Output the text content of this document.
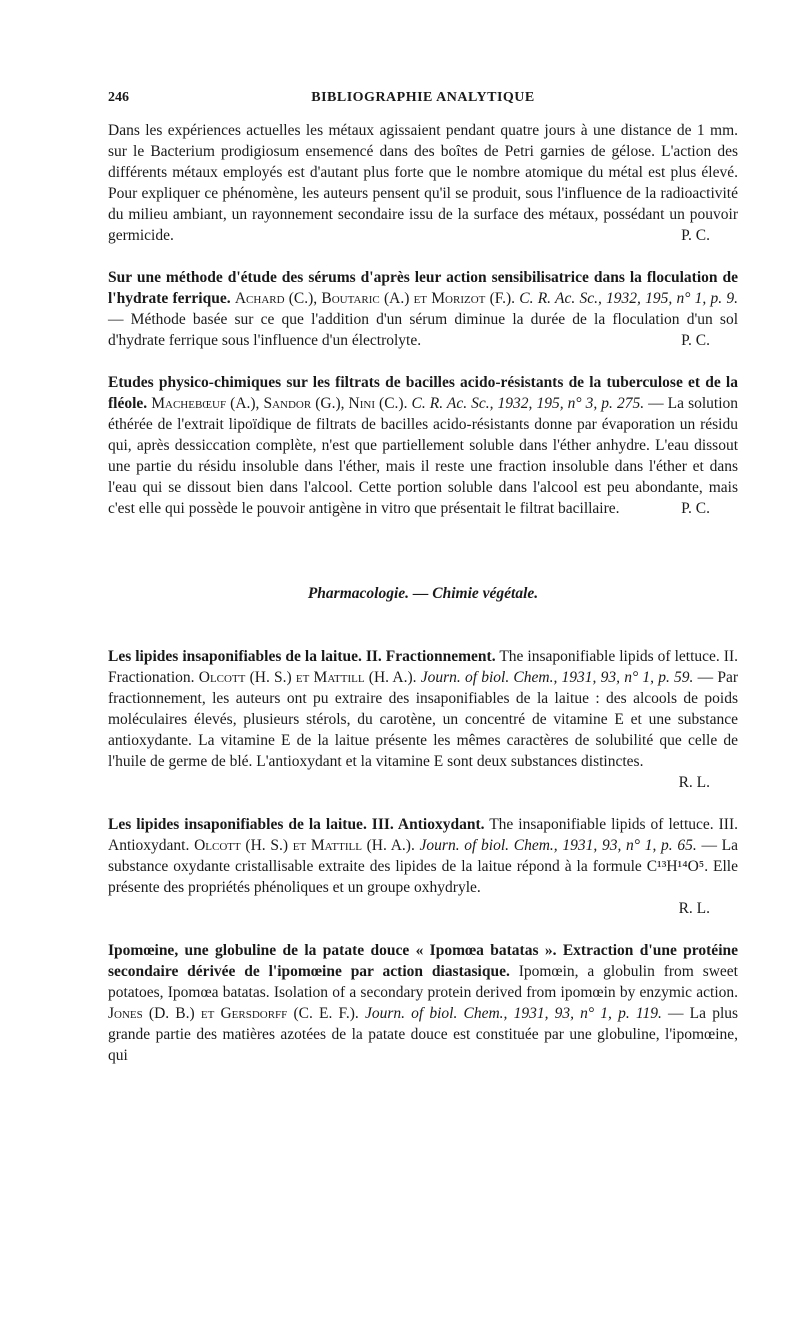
246	BIBLIOGRAPHIE ANALYTIQUE

Dans les expériences actuelles les métaux agissaient pendant quatre jours à une distance de 1 mm. sur le Bacterium prodigiosum ensemencé dans des boîtes de Petri garnies de gélose. L'action des différents métaux employés est d'autant plus forte que le nombre atomique du métal est plus élevé. Pour expliquer ce phénomène, les auteurs pensent qu'il se produit, sous l'influence de la radioactivité du milieu ambiant, un rayonnement secondaire issu de la surface des métaux, possédant un pouvoir germicide.	P. C.

Sur une méthode d'étude des sérums d'après leur action sensibilisatrice dans la floculation de l'hydrate ferrique. Achard (C.), Boutaric (A.) et Morizot (F.). C. R. Ac. Sc., 1932, 195, n° 1, p. 9. — Méthode basée sur ce que l'addition d'un sérum diminue la durée de la floculation d'un sol d'hydrate ferrique sous l'influence d'un électrolyte.	P. C.

Etudes physico-chimiques sur les filtrats de bacilles acido-résistants de la tuberculose et de la fléole. Machebœuf (A.), Sandor (G.), Nini (C.). C. R. Ac. Sc., 1932, 195, n° 3, p. 275. — La solution éthérée de l'extrait lipoïdique de filtrats de bacilles acido-résistants donne par évaporation un résidu qui, après dessiccation complète, n'est que partiellement soluble dans l'éther anhydre. L'eau dissout une partie du résidu insoluble dans l'éther, mais il reste une fraction insoluble dans l'éther et dans l'eau qui se dissout bien dans l'alcool. Cette portion soluble dans l'alcool est peu abondante, mais c'est elle qui possède le pouvoir antigène in vitro que présentait le filtrat bacillaire.	P. C.

Pharmacologie. — Chimie végétale.

Les lipides insaponifiables de la laitue. II. Fractionnement. The insaponifiable lipids of lettuce. II. Fractionation. Olcott (H. S.) et Mattill (H. A.). Journ. of biol. Chem., 1931, 93, n° 1, p. 59. — Par fractionnement, les auteurs ont pu extraire des insaponifiables de la laitue : des alcools de poids moléculaires élevés, plusieurs stérols, du carotène, un concentré de vitamine E et une substance antioxydante. La vitamine E de la laitue présente les mêmes caractères de solubilité que celle de l'huile de germe de blé. L'antioxydant et la vitamine E sont deux substances distinctes.

R. L.

Les lipides insaponifiables de la laitue. III. Antioxydant. The insaponifiable lipids of lettuce. III. Antioxydant. Olcott (H. S.) et Mattill (H. A.). Journ. of biol. Chem., 1931, 93, n° 1, p. 65. — La substance oxydante cristallisable extraite des lipides de la laitue répond à la formule C¹³H¹⁴O⁵. Elle présente des propriétés phénoliques et un groupe oxhydryle.

R. L.

Ipomœine, une globuline de la patate douce « Ipomœa batatas ». Extraction d'une protéine secondaire dérivée de l'ipomœine par action diastasique. Ipomœin, a globulin from sweet potatoes, Ipomœa batatas. Isolation of a secondary protein derived from ipomœin by enzymic action. Jones (D. B.) et Gersdorff (C. E. F.). Journ. of biol. Chem., 1931, 93, n° 1, p. 119. — La plus grande partie des matières azotées de la patate douce est constituée par une globuline, l'ipomœine, qui
